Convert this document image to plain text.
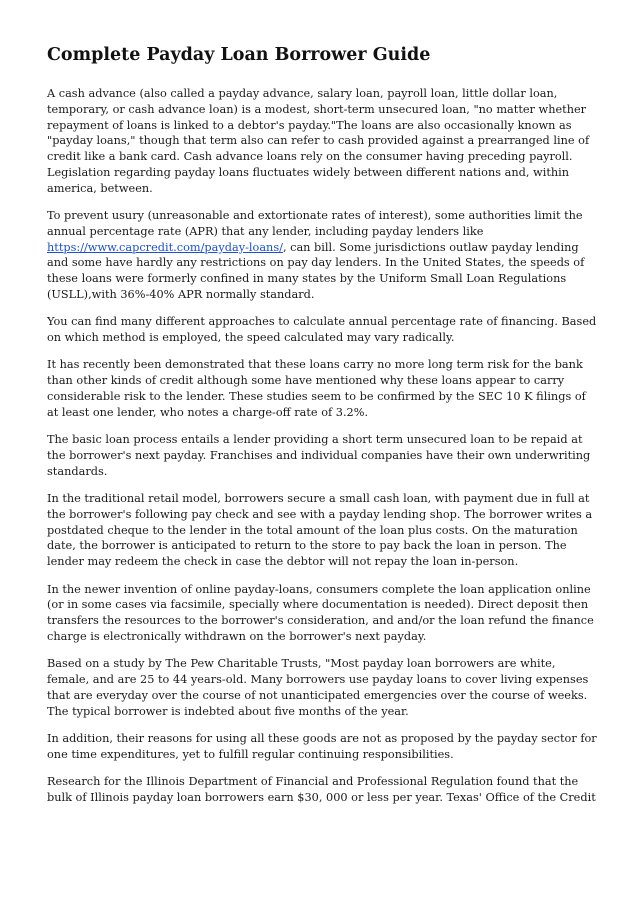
Complete Payday Loan Borrower Guide

A cash advance (also called a payday advance, salary loan, payroll loan, little dollar loan, temporary, or cash advance loan) is a modest, short-term unsecured loan, "no matter whether repayment of loans is linked to a debtor's payday."The loans are also occasionally known as "payday loans," though that term also can refer to cash provided against a prearranged line of credit like a bank card. Cash advance loans rely on the consumer having preceding payroll. Legislation regarding payday loans fluctuates widely between different nations and, within america, between.

To prevent usury (unreasonable and extortionate rates of interest), some authorities limit the annual percentage rate (APR) that any lender, including payday lenders like https://www.capcredit.com/payday-loans/, can bill. Some jurisdictions outlaw payday lending and some have hardly any restrictions on pay day lenders. In the United States, the speeds of these loans were formerly confined in many states by the Uniform Small Loan Regulations (USLL),with 36%-40% APR normally standard.

You can find many different approaches to calculate annual percentage rate of financing. Based on which method is employed, the speed calculated may vary radically.

It has recently been demonstrated that these loans carry no more long term risk for the bank than other kinds of credit although some have mentioned why these loans appear to carry considerable risk to the lender. These studies seem to be confirmed by the SEC 10 K filings of at least one lender, who notes a charge-off rate of 3.2%.

The basic loan process entails a lender providing a short term unsecured loan to be repaid at the borrower's next payday. Franchises and individual companies have their own underwriting standards.

In the traditional retail model, borrowers secure a small cash loan, with payment due in full at the borrower's following pay check and see with a payday lending shop. The borrower writes a postdated cheque to the lender in the total amount of the loan plus costs. On the maturation date, the borrower is anticipated to return to the store to pay back the loan in person. The lender may redeem the check in case the debtor will not repay the loan in-person.

In the newer invention of online payday-loans, consumers complete the loan application online (or in some cases via facsimile, specially where documentation is needed). Direct deposit then transfers the resources to the borrower's consideration, and and/or the loan refund the finance charge is electronically withdrawn on the borrower's next payday.

Based on a study by The Pew Charitable Trusts, "Most payday loan borrowers are white, female, and are 25 to 44 years-old. Many borrowers use payday loans to cover living expenses that are everyday over the course of not unanticipated emergencies over the course of weeks. The typical borrower is indebted about five months of the year.

In addition, their reasons for using all these goods are not as proposed by the payday sector for one time expenditures, yet to fulfill regular continuing responsibilities.

Research for the Illinois Department of Financial and Professional Regulation found that the bulk of Illinois payday loan borrowers earn $30, 000 or less per year. Texas' Office of the Credit
